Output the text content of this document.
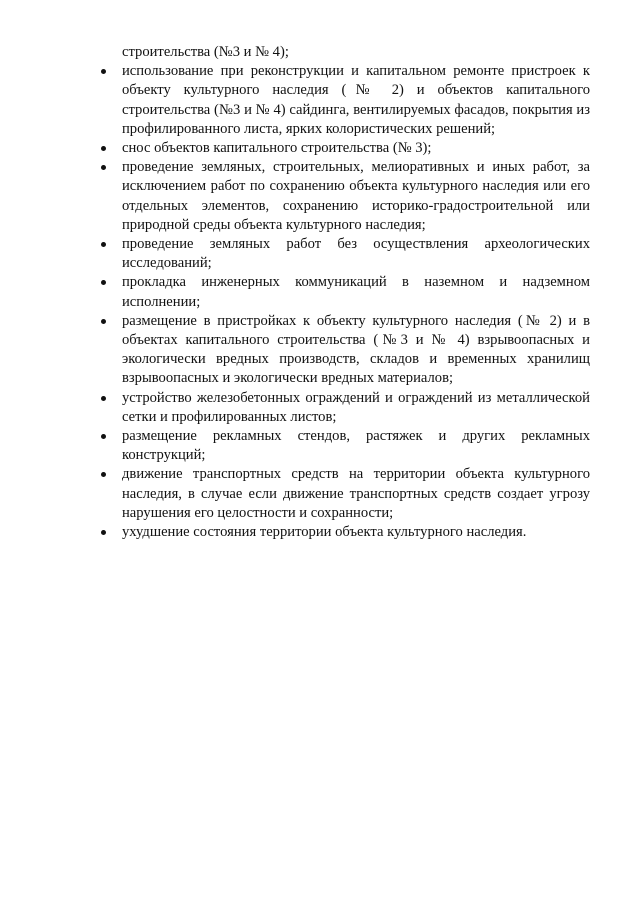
строительства (№3 и № 4);

использование при реконструкции и капитальном ремонте пристроек к объекту культурного наследия (№ 2) и объектов капитального строительства (№3 и № 4) сайдинга, вентилируемых фасадов, покрытия из профилированного листа, ярких колористических решений;
снос объектов капитального строительства (№ 3);
проведение земляных, строительных, мелиоративных и иных работ, за исключением работ по сохранению объекта культурного наследия или его отдельных элементов, сохранению историко-градостроительной или природной среды объекта культурного наследия;
проведение земляных работ без осуществления археологических исследований;
прокладка инженерных коммуникаций в наземном и надземном исполнении;
размещение в пристройках к объекту культурного наследия (№ 2) и в объектах капитального строительства (№3 и № 4) взрывоопасных и экологически вредных производств, складов и временных хранилищ взрывоопасных и экологически вредных материалов;
устройство железобетонных ограждений и ограждений из металлической сетки и профилированных листов;
размещение рекламных стендов, растяжек и других рекламных конструкций;
движение транспортных средств на территории объекта культурного наследия, в случае если движение транспортных средств создает угрозу нарушения его целостности и сохранности;
ухудшение состояния территории объекта культурного наследия.
